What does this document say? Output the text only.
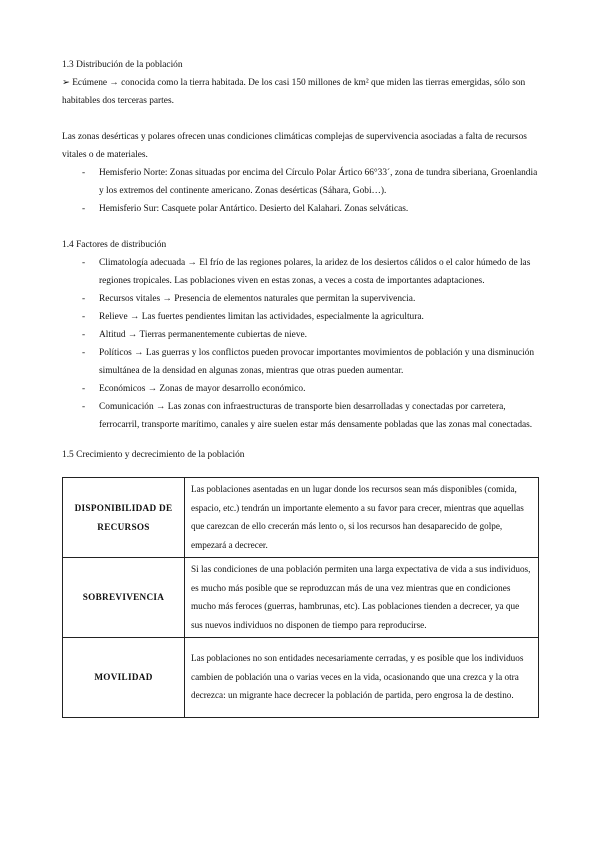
1.3 Distribución de la población

➢ Ecúmene → conocida como la tierra habitada. De los casi 150 millones de km² que miden las tierras emergidas, sólo son habitables dos terceras partes.

Las zonas desérticas y polares ofrecen unas condiciones climáticas complejas de supervivencia asociadas a falta de recursos vitales o de materiales.

- Hemisferio Norte: Zonas situadas por encima del Círculo Polar Ártico 66°33´, zona de tundra siberiana, Groenlandia y los extremos del continente americano. Zonas desérticas (Sáhara, Gobi…).
- Hemisferio Sur: Casquete polar Antártico. Desierto del Kalahari. Zonas selváticas.

1.4 Factores de distribución

- Climatología adecuada → El frío de las regiones polares, la aridez de los desiertos cálidos o el calor húmedo de las regiones tropicales. Las poblaciones viven en estas zonas, a veces a costa de importantes adaptaciones.
- Recursos vitales → Presencia de elementos naturales que permitan la supervivencia.
- Relieve → Las fuertes pendientes limitan las actividades, especialmente la agricultura.
- Altitud → Tierras permanentemente cubiertas de nieve.
- Políticos → Las guerras y los conflictos pueden provocar importantes movimientos de población y una disminución simultánea de la densidad en algunas zonas, mientras que otras pueden aumentar.
- Económicos → Zonas de mayor desarrollo económico.
- Comunicación → Las zonas con infraestructuras de transporte bien desarrolladas y conectadas por carretera, ferrocarril, transporte marítimo, canales y aire suelen estar más densamente pobladas que las zonas mal conectadas.

1.5 Crecimiento y decrecimiento de la población

DISPONIBILIDAD DE RECURSOS	Las poblaciones asentadas en un lugar donde los recursos sean más disponibles (comida, espacio, etc.) tendrán un importante elemento a su favor para crecer, mientras que aquellas que carezcan de ello crecerán más lento o, si los recursos han desaparecido de golpe, empezará a decrecer.
SOBREVIVENCIA	Si las condiciones de una población permiten una larga expectativa de vida a sus individuos, es mucho más posible que se reproduzcan más de una vez mientras que en condiciones mucho más feroces (guerras, hambrunas, etc). Las poblaciones tienden a decrecer, ya que sus nuevos individuos no disponen de tiempo para reproducirse.
MOVILIDAD	Las poblaciones no son entidades necesariamente cerradas, y es posible que los individuos cambien de población una o varias veces en la vida, ocasionando que una crezca y la otra decrezca: un migrante hace decrecer la población de partida, pero engrosa la de destino.
